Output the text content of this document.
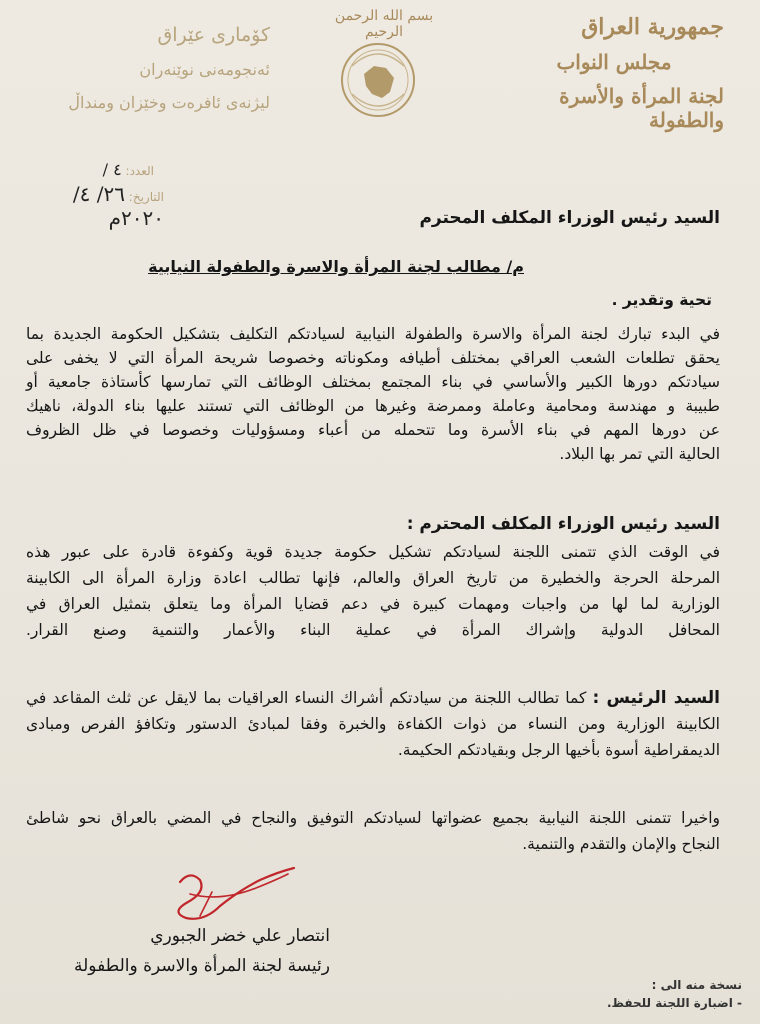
جمهورية العراق
مجلس النواب
لجنة المرأة والأسرة والطفولة
بسم الله الرحمن الرحيم
كۆمارى عێراق
ئەنجومەنى نوێنەران
لیژنەى ئافرەت وخێزان ومنداڵ
العدد: ٤ /
التاريخ: ٢٦/ ٤/ ٢٠٢٠م	السيد رئيس الوزراء المكلف المحترم
م/ مطالب لجنة المرأة والاسرة والطفولة النيابية
تحية وتقدير .
في البدء تبارك لجنة المرأة والاسرة والطفولة النيابية لسيادتكم التكليف بتشكيل الحكومة الجديدة بما
يحقق تطلعات الشعب العراقي بمختلف أطيافه ومكوناته وخصوصا شريحة المرأة التي لا يخفى على
سيادتكم دورها الكبير والأساسي في بناء المجتمع بمختلف الوظائف التي تمارسها كأستاذة جامعية أو
طبيبة و مهندسة ومحامية وعاملة وممرضة وغيرها من الوظائف التي تستند عليها بناء الدولة، ناهيك
عن دورها المهم في بناء الأسرة وما تتحمله من أعباء ومسؤوليات وخصوصا في ظل الظروف
الحالية التي تمر بها البلاد.
السيد رئيس الوزراء المكلف المحترم :
في الوقت الذي تتمنى اللجنة لسيادتكم تشكيل حكومة جديدة قوية وكفوءة قادرة على عبور هذه
المرحلة الحرجة والخطيرة من تاريخ العراق والعالم، فإنها تطالب اعادة وزارة المرأة الى الكابينة
الوزارية لما لها من واجبات ومهمات كبيرة في دعم قضايا المرأة وما يتعلق بتمثيل العراق في
المحافل الدولية وإشراك المرأة في عملية البناء والأعمار والتنمية وصنع القرار.
السيد الرئيس : كما تطالب اللجنة من سيادتكم أشراك النساء العراقيات بما لايقل عن ثلث المقاعد في
الكابينة الوزارية ومن النساء من ذوات الكفاءة والخبرة وفقا لمبادئ الدستور وتكافؤ الفرص ومبادى
الديمقراطية أسوة بأخيها الرجل وبقيادتكم الحكيمة.
واخيرا تتمنى اللجنة النيابية بجميع عضواتها لسيادتكم التوفيق والنجاح في المضي بالعراق نحو شاطئ
النجاح والإمان والتقدم والتنمية.
انتصار علي خضر الجبوري
رئيسة لجنة المرأة والاسرة والطفولة
نسخة منه الى :
- اضبارة اللجنة للحفظ.
